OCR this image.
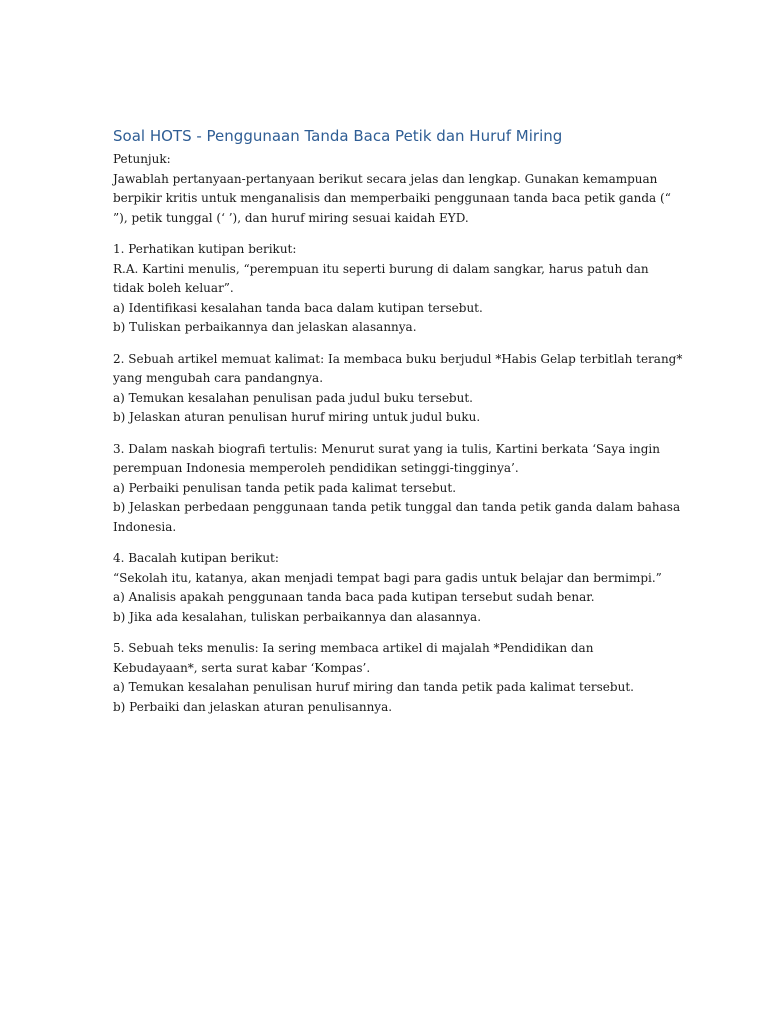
Soal HOTS - Penggunaan Tanda Baca Petik dan Huruf Miring
Petunjuk:
Jawablah pertanyaan-pertanyaan berikut secara jelas dan lengkap. Gunakan kemampuan
berpikir kritis untuk menganalisis dan memperbaiki penggunaan tanda baca petik ganda (“
”), petik tunggal (‘ ’), dan huruf miring sesuai kaidah EYD.
1. Perhatikan kutipan berikut:
R.A. Kartini menulis, “perempuan itu seperti burung di dalam sangkar, harus patuh dan
tidak boleh keluar”.
a) Identifikasi kesalahan tanda baca dalam kutipan tersebut.
b) Tuliskan perbaikannya dan jelaskan alasannya.
2. Sebuah artikel memuat kalimat: Ia membaca buku berjudul *Habis Gelap terbitlah terang*
yang mengubah cara pandangnya.
a) Temukan kesalahan penulisan pada judul buku tersebut.
b) Jelaskan aturan penulisan huruf miring untuk judul buku.
3. Dalam naskah biografi tertulis: Menurut surat yang ia tulis, Kartini berkata ‘Saya ingin
perempuan Indonesia memperoleh pendidikan setinggi-tingginya’.
a) Perbaiki penulisan tanda petik pada kalimat tersebut.
b) Jelaskan perbedaan penggunaan tanda petik tunggal dan tanda petik ganda dalam bahasa
Indonesia.
4. Bacalah kutipan berikut:
“Sekolah itu, katanya, akan menjadi tempat bagi para gadis untuk belajar dan bermimpi.”
a) Analisis apakah penggunaan tanda baca pada kutipan tersebut sudah benar.
b) Jika ada kesalahan, tuliskan perbaikannya dan alasannya.
5. Sebuah teks menulis: Ia sering membaca artikel di majalah *Pendidikan dan
Kebudayaan*, serta surat kabar ‘Kompas’.
a) Temukan kesalahan penulisan huruf miring dan tanda petik pada kalimat tersebut.
b) Perbaiki dan jelaskan aturan penulisannya.
